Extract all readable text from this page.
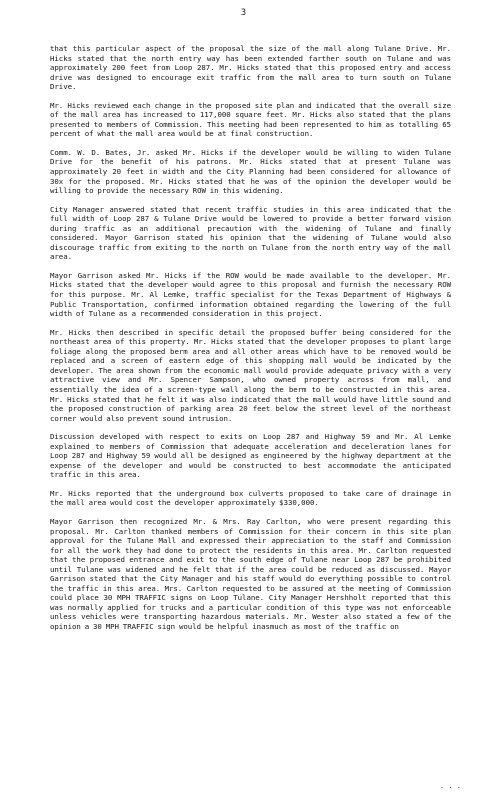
3

that this particular aspect of the proposal the size of the mall along Tulane Drive. Mr. Hicks stated that the north entry way has been extended farther south on Tulane and was approximately 200 feet from Loop 287. Mr. Hicks stated that this proposed entry and access drive was designed to encourage exit traffic from the mall area to turn south on Tulane Drive.

Mr. Hicks reviewed each change in the proposed site plan and indicated that the overall size of the mall area has increased to 117,000 square feet. Mr. Hicks also stated that the plans presented to members of Commission. This meeting had been represented to him as totalling 65 percent of what the mall area would be at final construction.

Comm. W. D. Bates, Jr. asked Mr. Hicks if the developer would be willing to widen Tulane Drive for the benefit of his patrons. Mr. Hicks stated that at present Tulane was approximately 20 feet in width and the City Planning had been considered for allowance of 30x for the proposed. Mr. Hicks stated that he was of the opinion the developer would be willing to provide the necessary ROW in this widening.

City Manager answered stated that recent traffic studies in this area indicated that the full width of Loop 287 & Tulane Drive would be lowered to provide a better forward vision during traffic as an additional precaution with the widening of Tulane and finally considered. Mayor Garrison stated his opinion that the widening of Tulane would also discourage traffic from exiting to the north on Tulane from the north entry way of the mall area.

Mayor Garrison asked Mr. Hicks if the ROW would be made available to the developer. Mr. Hicks stated that the developer would agree to this proposal and furnish the necessary ROW for this purpose. Mr. Al Lemke, traffic specialist for the Texas Department of Highways & Public Transportation, confirmed information obtained regarding the lowering of the full width of Tulane as a recommended consideration in this project.

Mr. Hicks then described in specific detail the proposed buffer being considered for the northeast area of this property. Mr. Hicks stated that the developer proposes to plant large foliage along the proposed berm area and all other areas which have to be removed would be replaced and a screen of eastern edge of this shopping mall would be indicated by the developer. The area shown from the economic mall would provide adequate privacy with a very attractive view and Mr. Spencer Sampson, who owned property across from mall, and essentially the idea of a screen-type wall along the berm to be constructed in this area. Mr. Hicks stated that he felt it was also indicated that the mall would have little sound and the proposed construction of parking area 20 feet below the street level of the northeast corner would also prevent sound intrusion.

Discussion developed with respect to exits on Loop 287 and Highway 59 and Mr. Al Lemke explained to members of Commission that adequate acceleration and deceleration lanes for Loop 287 and Highway 59 would all be designed as engineered by the highway department at the expense of the developer and would be constructed to best accommodate the anticipated traffic in this area.

Mr. Hicks reported that the underground box culverts proposed to take care of drainage in the mall area would cost the developer approximately $330,000.

Mayor Garrison then recognized Mr. & Mrs. Ray Carlton, who were present regarding this proposal. Mr. Carlton thanked members of Commission for their concern in this site plan approval for the Tulane Mall and expressed their appreciation to the staff and Commission for all the work they had done to protect the residents in this area. Mr. Carlton requested that the proposed entrance and exit to the south edge of Tulane near Loop 287 be prohibited until Tulane was widened and he felt that if the area could be reduced as discussed. Mayor Garrison stated that the City Manager and his staff would do everything possible to control the traffic in this area. Mrs. Carlton requested to be assured at the meeting of Commission could place 30 MPH TRAFFIC signs on Loop Tulane. City Manager Hershholt reported that this was normally applied for trucks and a particular condition of this type was not enforceable unless vehicles were transporting hazardous materials. Mr. Wester also stated a few of the opinion a 30 MPH TRAFFIC sign would be helpful inasmuch as most of the traffic on

· · ·
